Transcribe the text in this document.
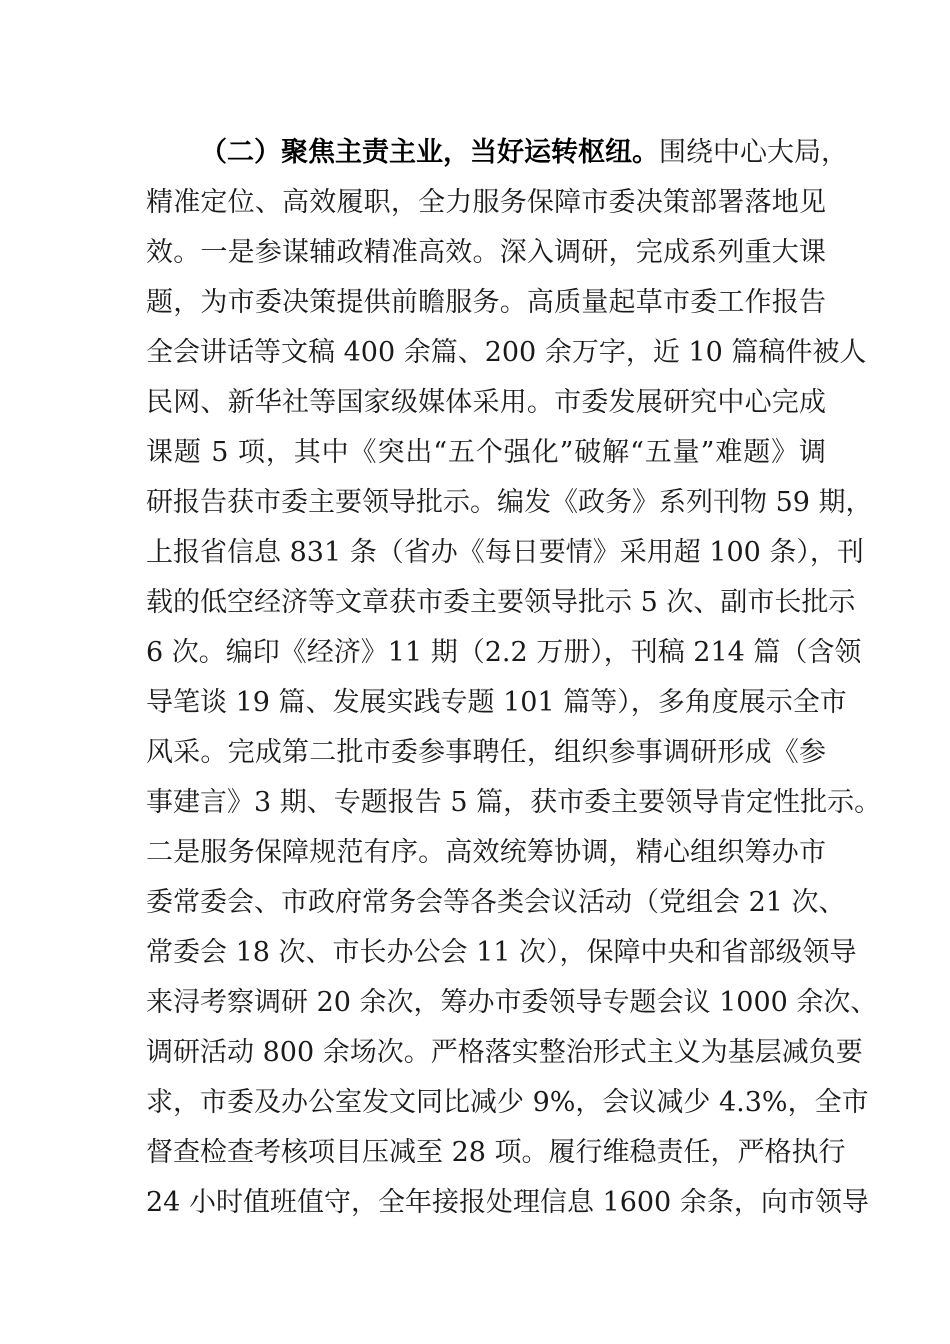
（二）聚焦主责主业，当好运转枢纽。围绕中心大局，
精准定位、高效履职，全力服务保障市委决策部署落地见
效。一是参谋辅政精准高效。深入调研，完成系列重大课
题，为市委决策提供前瞻服务。高质量起草市委工作报告
全会讲话等文稿 400 余篇、200 余万字，近 10 篇稿件被人
民网、新华社等国家级媒体采用。市委发展研究中心完成
课题 5 项，其中《突出“五个强化”破解“五量”难题》调
研报告获市委主要领导批示。编发《政务》系列刊物 59 期，
上报省信息 831 条（省办《每日要情》采用超 100 条），刊
载的低空经济等文章获市委主要领导批示 5 次、副市长批示
6 次。编印《经济》11 期（2.2 万册），刊稿 214 篇（含领
导笔谈 19 篇、发展实践专题 101 篇等），多角度展示全市
风采。完成第二批市委参事聘任，组织参事调研形成《参
事建言》3 期、专题报告 5 篇，获市委主要领导肯定性批示。
二是服务保障规范有序。高效统筹协调，精心组织筹办市
委常委会、市政府常务会等各类会议活动（党组会 21 次、
常委会 18 次、市长办公会 11 次），保障中央和省部级领导
来浔考察调研 20 余次，筹办市委领导专题会议 1000 余次、
调研活动 800 余场次。严格落实整治形式主义为基层减负要
求，市委及办公室发文同比减少 9%，会议减少 4.3%，全市
督查检查考核项目压减至 28 项。履行维稳责任，严格执行
24 小时值班值守，全年接报处理信息 1600 余条，向市领导
